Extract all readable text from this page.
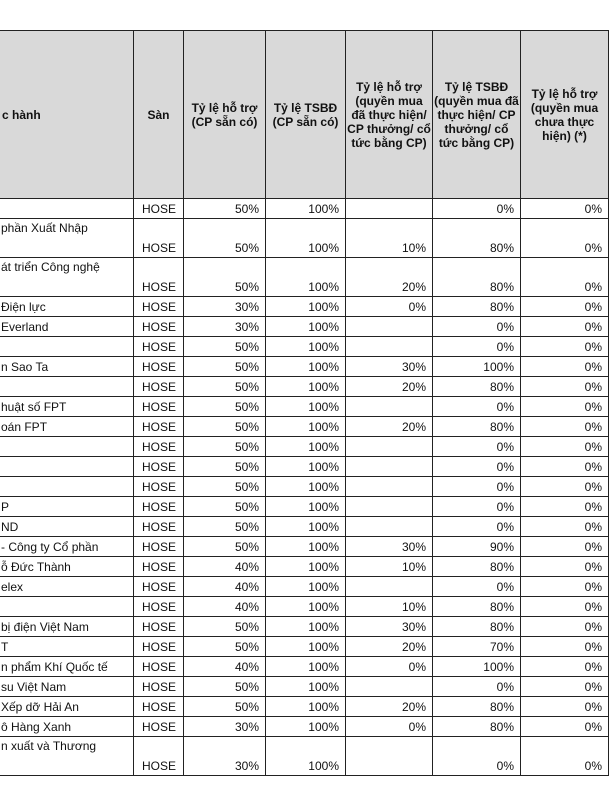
c hành	Sàn	Tỷ lệ hỗ trợ (CP sẵn có)	Tỷ lệ TSBĐ (CP sẵn có)	Tỷ lệ hỗ trợ (quyền mua đã thực hiện/ CP thưởng/ cổ tức bằng CP)	Tỷ lệ TSBĐ (quyền mua đã thực hiện/ CP thưởng/ cổ tức bằng CP)	Tỷ lệ hỗ trợ (quyền mua chưa thực hiện) (*)
	HOSE	50%	100%		0%	0%
phần Xuất Nhập	HOSE	50%	100%	10%	80%	0%
át triển Công nghệ	HOSE	50%	100%	20%	80%	0%
Điện lực	HOSE	30%	100%	0%	80%	0%
Everland	HOSE	30%	100%		0%	0%
	HOSE	50%	100%		0%	0%
n Sao Ta	HOSE	50%	100%	30%	100%	0%
	HOSE	50%	100%	20%	80%	0%
huật số FPT	HOSE	50%	100%		0%	0%
oán FPT	HOSE	50%	100%	20%	80%	0%
	HOSE	50%	100%		0%	0%
	HOSE	50%	100%		0%	0%
	HOSE	50%	100%		0%	0%
P	HOSE	50%	100%		0%	0%
ND	HOSE	50%	100%		0%	0%
- Công ty Cổ phần	HOSE	50%	100%	30%	90%	0%
ỗ Đức Thành	HOSE	40%	100%	10%	80%	0%
elex	HOSE	40%	100%		0%	0%
	HOSE	40%	100%	10%	80%	0%
bị điện Việt Nam	HOSE	50%	100%	30%	80%	0%
T	HOSE	50%	100%	20%	70%	0%
n phẩm Khí Quốc tế	HOSE	40%	100%	0%	100%	0%
su Việt Nam	HOSE	50%	100%		0%	0%
Xếp dỡ Hải An	HOSE	50%	100%	20%	80%	0%
ô Hàng Xanh	HOSE	30%	100%	0%	80%	0%
n xuất và Thương	HOSE	30%	100%		0%	0%
